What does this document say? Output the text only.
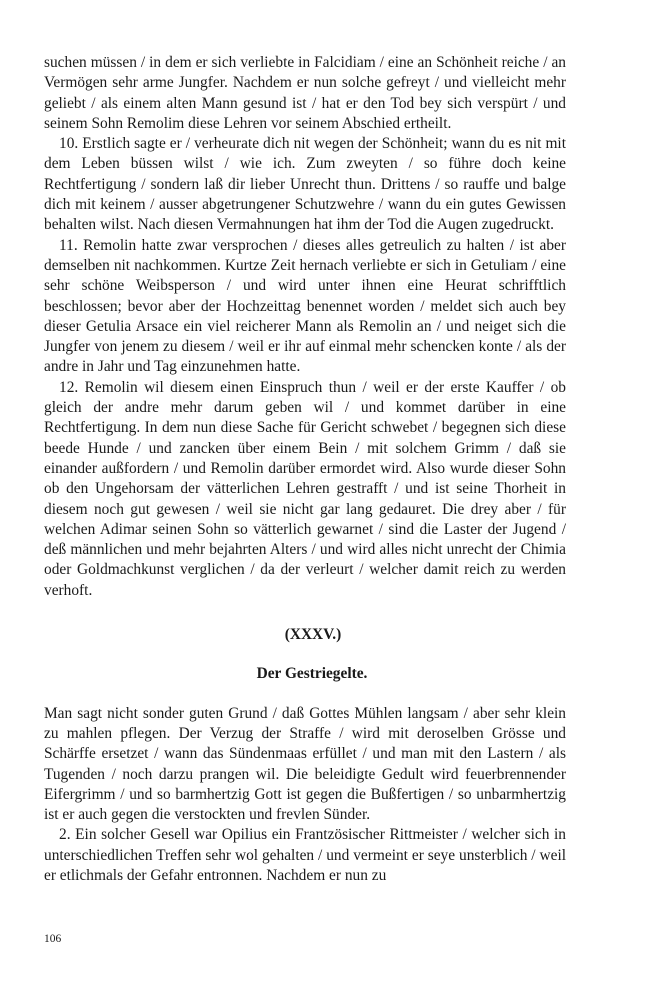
suchen müssen / in dem er sich verliebte in Falcidiam / eine an Schönheit reiche / an Vermögen sehr arme Jungfer. Nachdem er nun solche gefreyt / und vielleicht mehr geliebt / als einem alten Mann gesund ist / hat er den Tod bey sich verspürt / und seinem Sohn Remolim diese Lehren vor seinem Abschied ertheilt.

10. Erstlich sagte er / verheurate dich nit wegen der Schönheit; wann du es nit mit dem Leben büssen wilst / wie ich. Zum zweyten / so führe doch keine Rechtfertigung / sondern laß dir lieber Unrecht thun. Drittens / so rauffe und balge dich mit keinem / ausser abgetrungener Schutzwehre / wann du ein gutes Gewissen behalten wilst. Nach diesen Vermahnungen hat ihm der Tod die Augen zugedruckt.

11. Remolin hatte zwar versprochen / dieses alles getreulich zu halten / ist aber demselben nit nachkommen. Kurtze Zeit hernach verliebte er sich in Getuliam / eine sehr schöne Weibsperson / und wird unter ihnen eine Heurat schrifftlich beschlossen; bevor aber der Hochzeittag benennet worden / meldet sich auch bey dieser Getulia Arsace ein viel reicherer Mann als Remolin an / und neiget sich die Jungfer von jenem zu diesem / weil er ihr auf einmal mehr schencken konte / als der andre in Jahr und Tag einzunehmen hatte.

12. Remolin wil diesem einen Einspruch thun / weil er der erste Kauffer / ob gleich der andre mehr darum geben wil / und kommet darüber in eine Rechtfertigung. In dem nun diese Sache für Gericht schwebet / begegnen sich diese beede Hunde / und zancken über einem Bein / mit solchem Grimm / daß sie einander außfordern / und Remolin darüber ermordet wird. Also wurde dieser Sohn ob den Ungehorsam der vätterlichen Lehren gestrafft / und ist seine Thorheit in diesem noch gut gewesen / weil sie nicht gar lang gedauret. Die drey aber / für welchen Adimar seinen Sohn so vätterlich gewarnet / sind die Laster der Jugend / deß männlichen und mehr bejahrten Alters / und wird alles nicht unrecht der Chimia oder Goldmachkunst verglichen / da der verleurt / welcher damit reich zu werden verhoft.

(XXXV.)
Der Gestriegelte.

Man sagt nicht sonder guten Grund / daß Gottes Mühlen langsam / aber sehr klein zu mahlen pflegen. Der Verzug der Straffe / wird mit deroselben Grösse und Schärffe ersetzet / wann das Sündenmaas erfüllet / und man mit den Lastern / als Tugenden / noch darzu prangen wil. Die beleidigte Gedult wird feuerbrennender Eifergrimm / und so barmhertzig Gott ist gegen die Bußfertigen / so unbarmhertzig ist er auch gegen die verstockten und frevlen Sünder.

2. Ein solcher Gesell war Opilius ein Frantzösischer Rittmeister / welcher sich in unterschiedlichen Treffen sehr wol gehalten / und vermeint er seye unsterblich / weil er etlichmals der Gefahr entronnen. Nachdem er nun zu

106
